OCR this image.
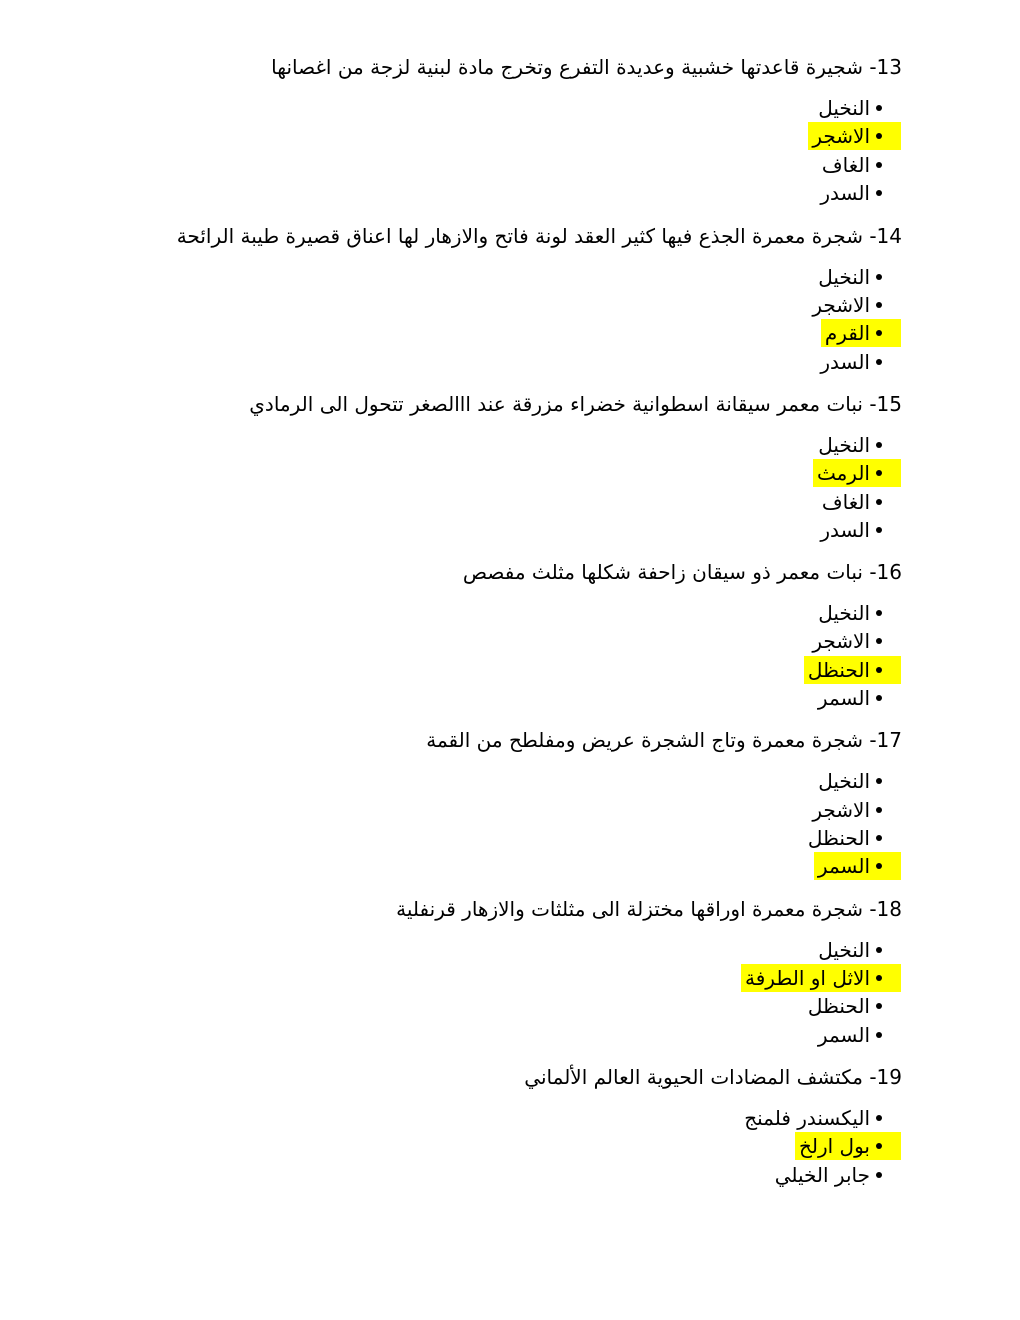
13- شجيرة قاعدتها خشبية وعديدة التفرع وتخرج مادة لبنية لزجة من اغصانها
النخيل
الاشجر
الغاف
السدر
14- شجرة معمرة الجذع فيها كثير العقد لونة فاتح والازهار لها اعناق قصيرة طيبة الرائحة
النخيل
الاشجر
القرم
السدر
15- نبات معمر سيقانة اسطوانية خضراء مزرقة عند ااالصغر تتحول الى الرمادي
النخيل
الرمث
الغاف
السدر
16- نبات معمر ذو سيقان زاحفة شكلها مثلث مفصص
النخيل
الاشجر
الحنظل
السمر
17- شجرة معمرة وتاج الشجرة عريض ومفلطح من القمة
النخيل
الاشجر
الحنظل
السمر
18- شجرة معمرة اوراقها مختزلة الى مثلثات والازهار قرنفلية
النخيل
الاثل او الطرفة
الحنظل
السمر
19- مكتشف المضادات الحيوية العالم الألماني
اليكسندر فلمنج
بول ارلخ
جابر الخيلي
